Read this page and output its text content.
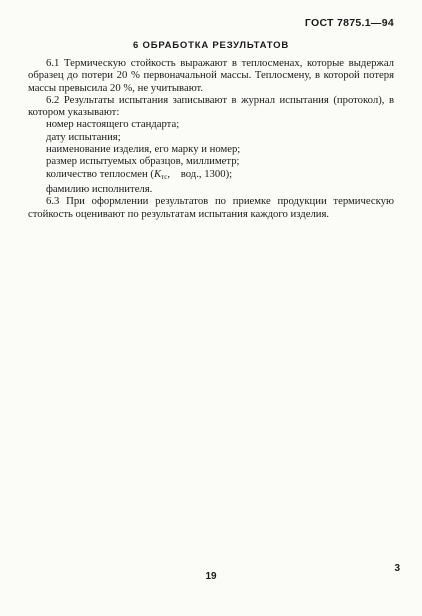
ГОСТ 7875.1—94
6 ОБРАБОТКА РЕЗУЛЬТАТОВ

6.1 Термическую стойкость выражают в теплосменах, которые выдержал образец до потери 20 % первоначальной массы. Теплосмену, в которой потеря массы превысила 20 %, не учитывают.

6.2 Результаты испытания записывают в журнал испытания (протокол), в котором указывают:

номер настоящего стандарта;

дату испытания;

наименование изделия, его марку и номер;

размер испытуемых образцов, миллиметр;

количество теплосмен (Kтс,    вод., 1300);

фамилию исполнителя.

6.3 При оформлении результатов по приемке продукции термическую стойкость оценивают по результатам испытания каждого изделия.

19
3
